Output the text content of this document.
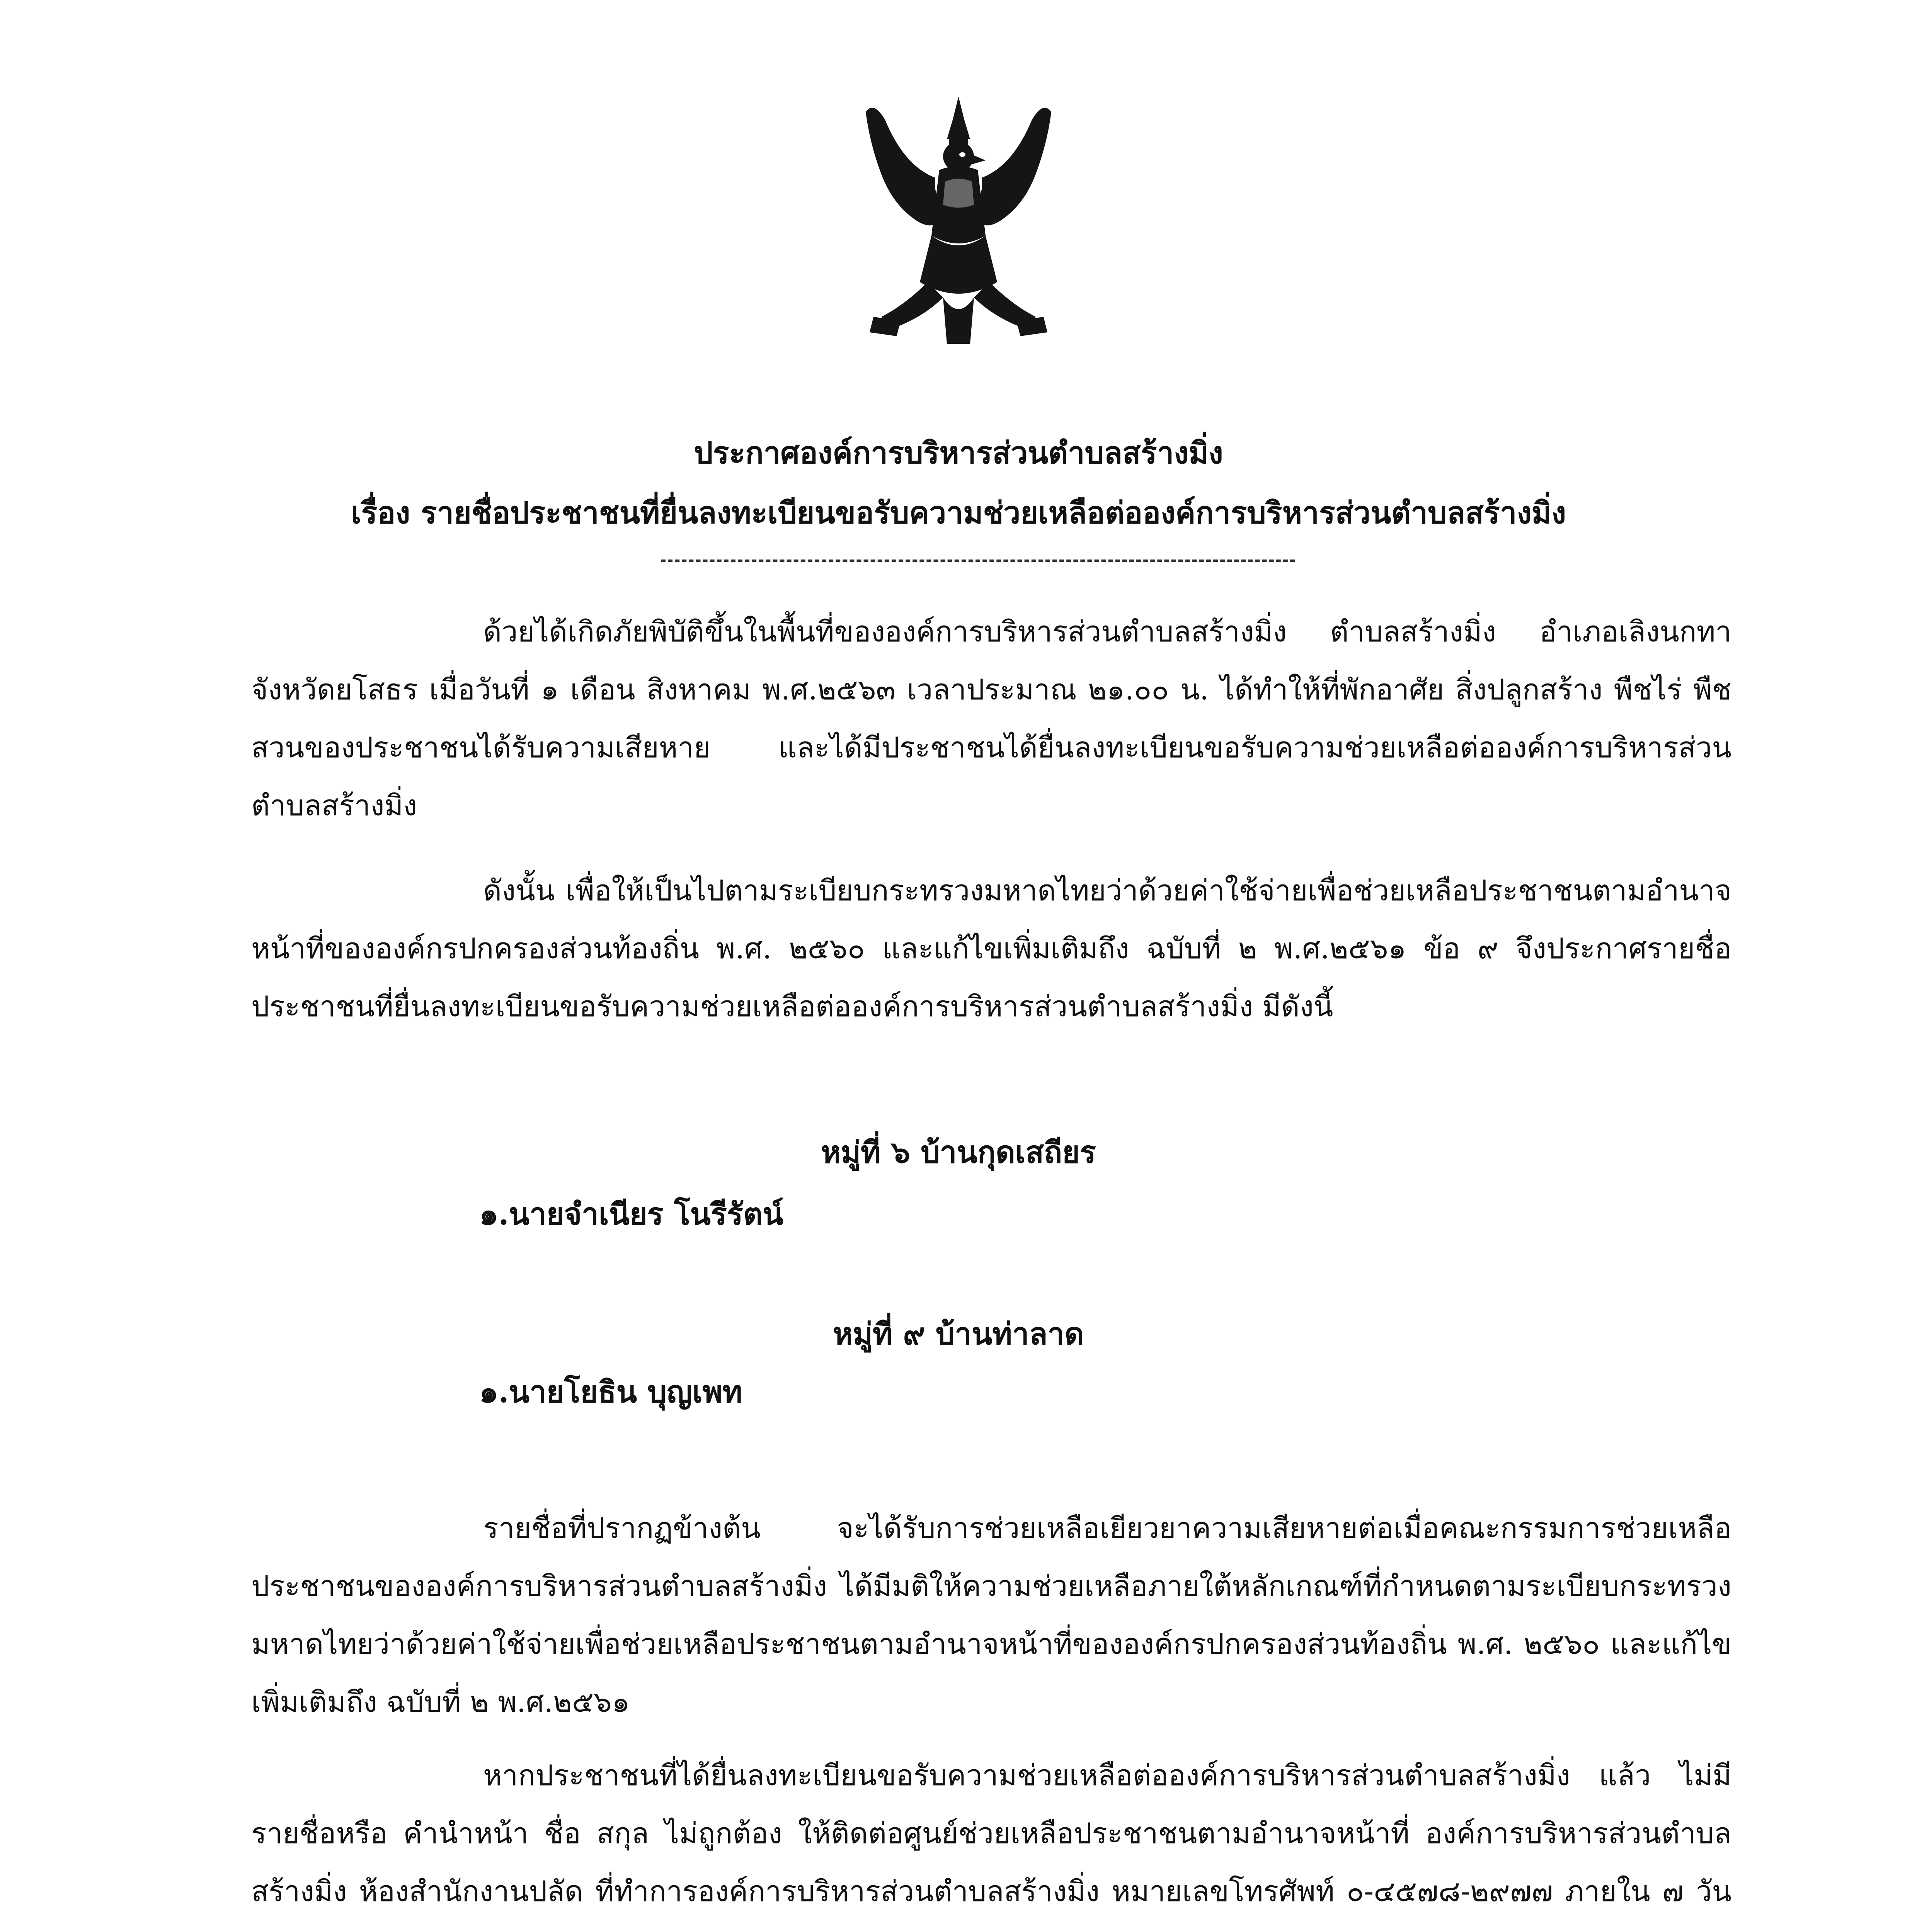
ประกาศองค์การบริหารส่วนตำบลสร้างมิ่ง
เรื่อง รายชื่อประชาชนที่ยื่นลงทะเบียนขอรับความช่วยเหลือต่อองค์การบริหารส่วนตำบลสร้างมิ่ง
ด้วยได้เกิดภัยพิบัติขึ้นในพื้นที่ขององค์การบริหารส่วนตำบลสร้างมิ่ง ตำบลสร้างมิ่ง อำเภอเลิงนกทา จังหวัดยโสธร เมื่อวันที่ ๑ เดือน สิงหาคม พ.ศ.๒๕๖๓ เวลาประมาณ ๒๑.๐๐ น. ได้ทำให้ที่พักอาศัย สิ่งปลูกสร้าง พืชไร่ พืชสวนของประชาชนได้รับความเสียหาย และได้มีประชาชนได้ยื่นลงทะเบียนขอรับความช่วยเหลือต่อองค์การบริหารส่วนตำบลสร้างมิ่ง
ดังนั้น เพื่อให้เป็นไปตามระเบียบกระทรวงมหาดไทยว่าด้วยค่าใช้จ่ายเพื่อช่วยเหลือประชาชนตามอำนาจหน้าที่ขององค์กรปกครองส่วนท้องถิ่น พ.ศ. ๒๕๖๐ และแก้ไขเพิ่มเติมถึง ฉบับที่ ๒ พ.ศ.๒๕๖๑ ข้อ ๙ จึงประกาศรายชื่อประชาชนที่ยื่นลงทะเบียนขอรับความช่วยเหลือต่อองค์การบริหารส่วนตำบลสร้างมิ่ง มีดังนี้
หมู่ที่ ๖ บ้านกุดเสถียร
๑.นายจำเนียร โนรีรัตน์
หมู่ที่ ๙ บ้านท่าลาด
๑.นายโยธิน บุญเพท
รายชื่อที่ปรากฏข้างต้น จะได้รับการช่วยเหลือเยียวยาความเสียหายต่อเมื่อคณะกรรมการช่วยเหลือประชาชนขององค์การบริหารส่วนตำบลสร้างมิ่ง ได้มีมติให้ความช่วยเหลือภายใต้หลักเกณฑ์ที่กำหนดตามระเบียบกระทรวงมหาดไทยว่าด้วยค่าใช้จ่ายเพื่อช่วยเหลือประชาชนตามอำนาจหน้าที่ขององค์กรปกครองส่วนท้องถิ่น พ.ศ. ๒๕๖๐ และแก้ไขเพิ่มเติมถึง ฉบับที่ ๒ พ.ศ.๒๕๖๑
หากประชาชนที่ได้ยื่นลงทะเบียนขอรับความช่วยเหลือต่อองค์การบริหารส่วนตำบลสร้างมิ่ง แล้ว ไม่มีรายชื่อหรือ คำนำหน้า ชื่อ สกุล ไม่ถูกต้อง ให้ติดต่อศูนย์ช่วยเหลือประชาชนตามอำนาจหน้าที่ องค์การบริหารส่วนตำบลสร้างมิ่ง ห้องสำนักงานปลัด ที่ทำการองค์การบริหารส่วนตำบลสร้างมิ่ง หมายเลขโทรศัพท์ ๐-๔๕๗๘-๒๙๗๗ ภายใน ๗ วัน
